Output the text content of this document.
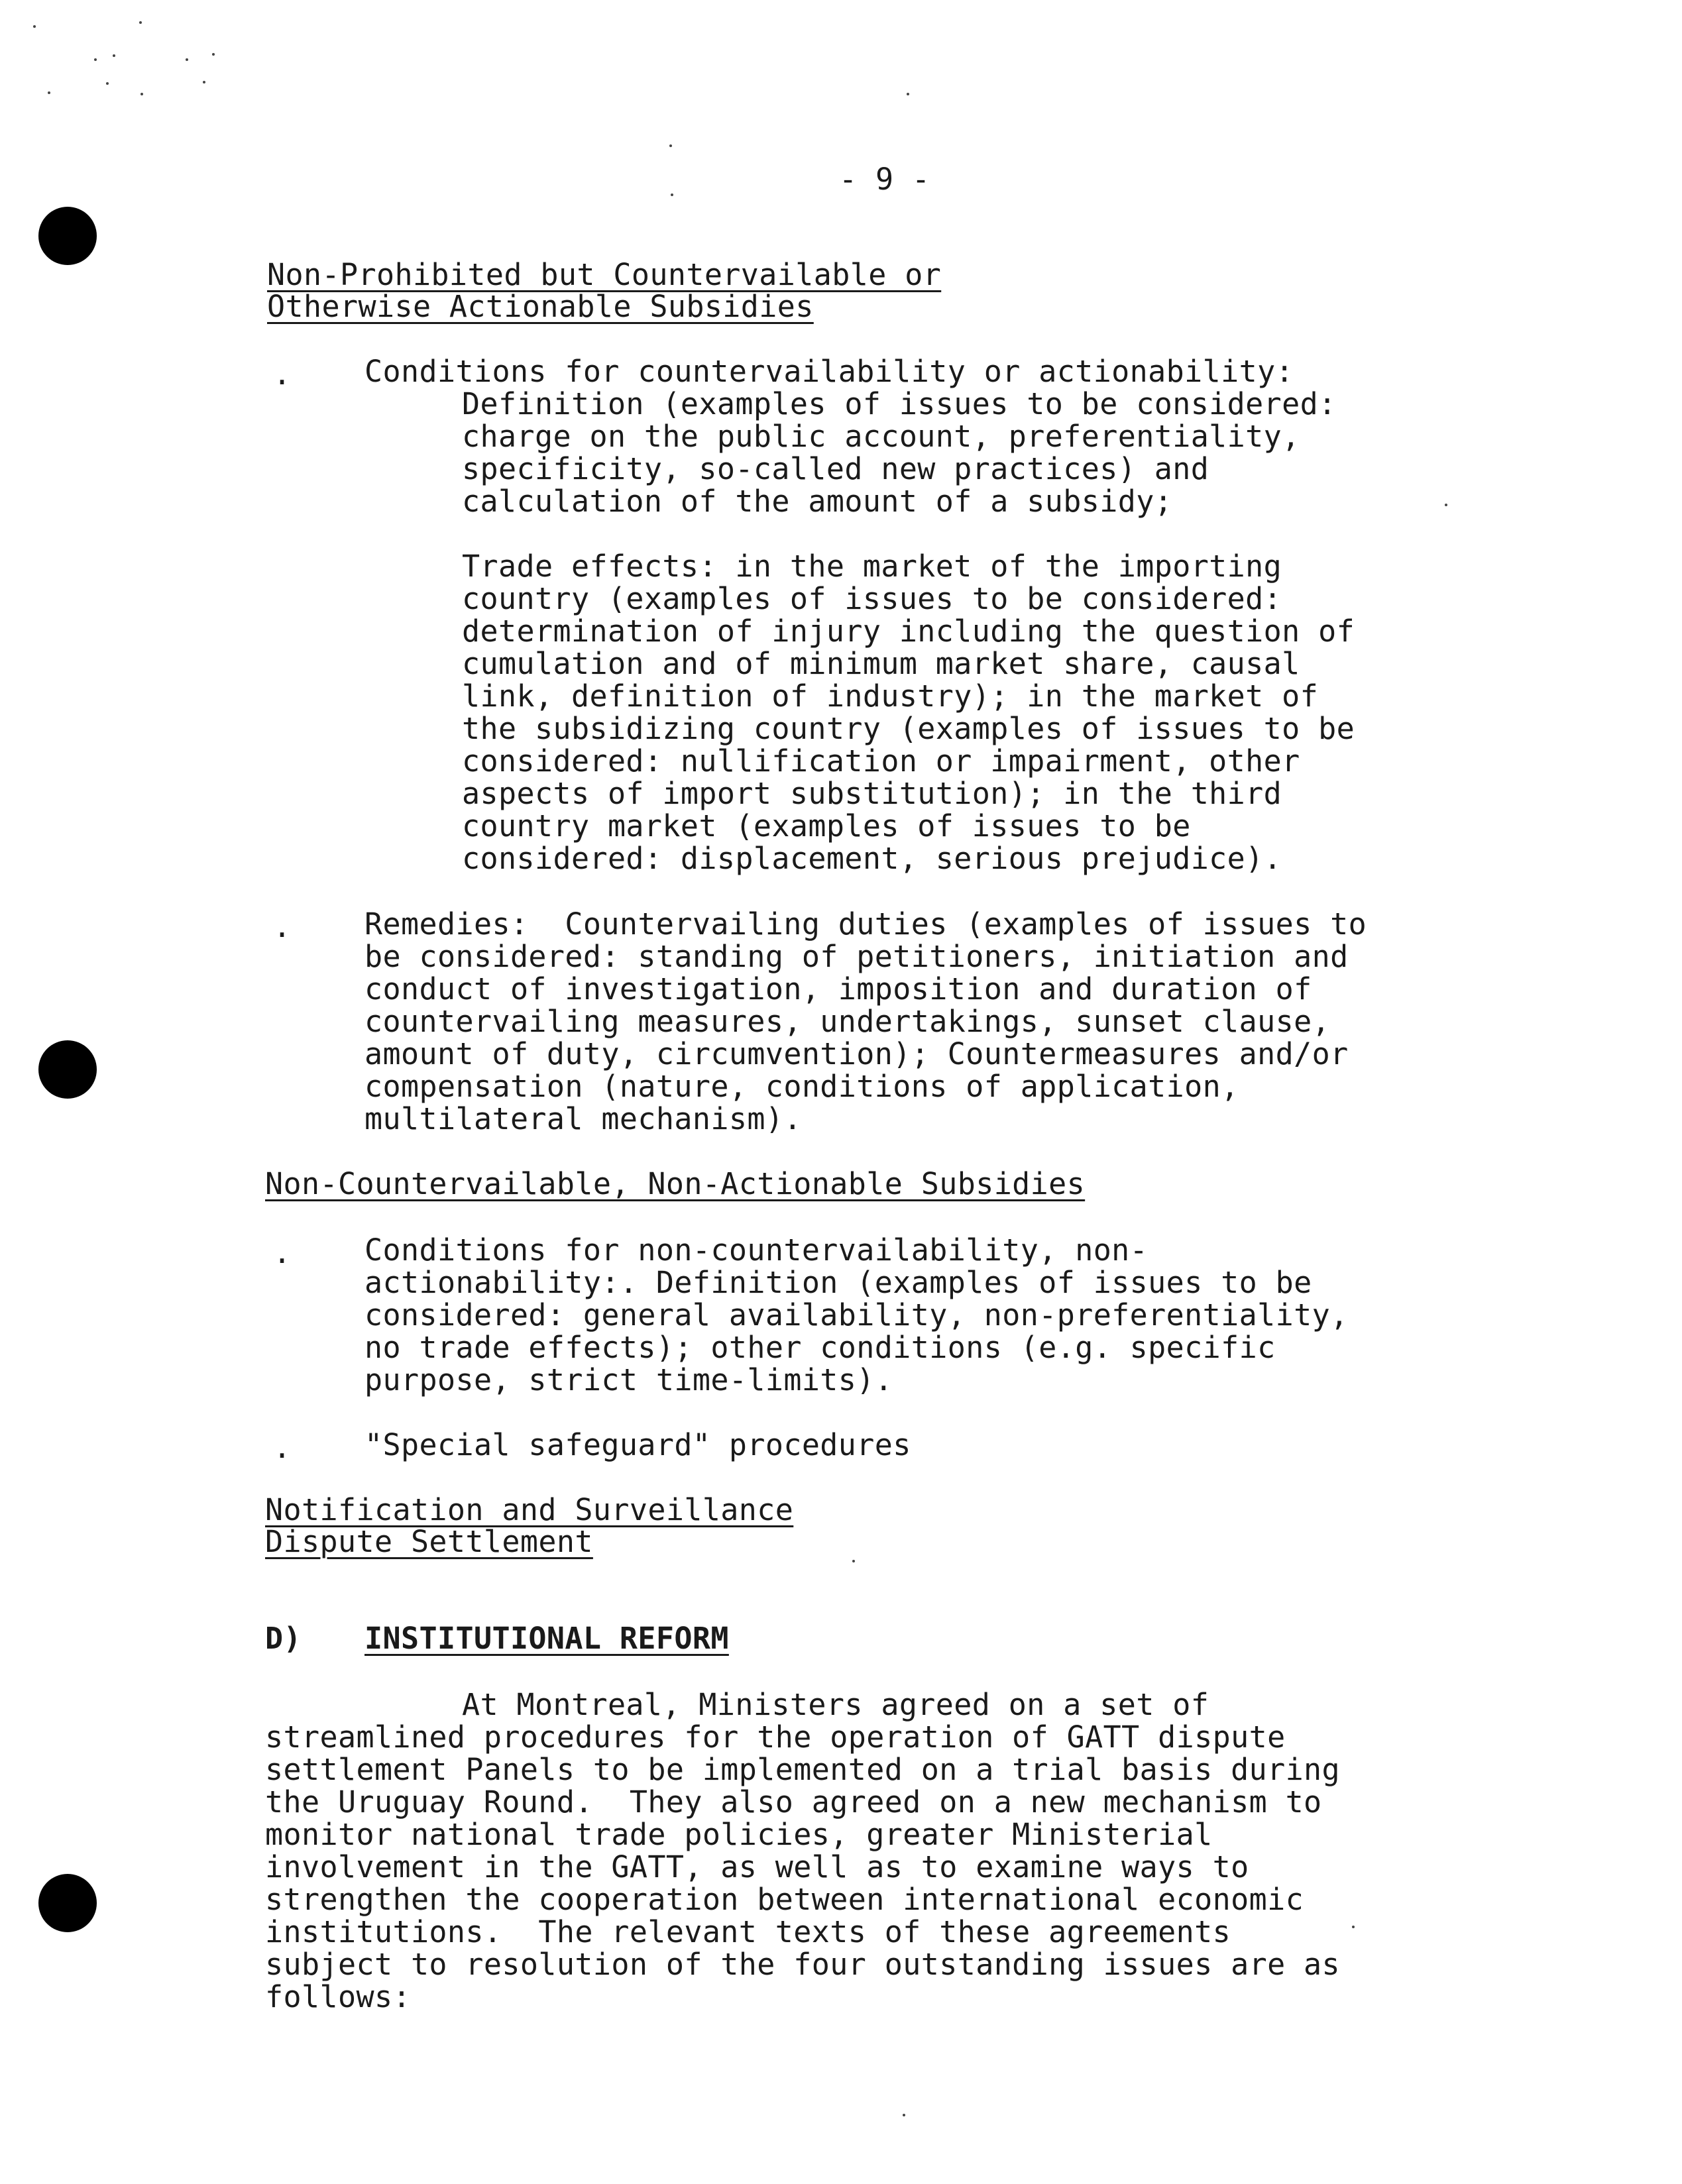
- 9 -
Non-Prohibited but Countervailable or
Otherwise Actionable Subsidies
. Conditions for countervailability or actionability:
Definition (examples of issues to be considered:
charge on the public account, preferentiality,
specificity, so-called new practices) and
calculation of the amount of a subsidy;
Trade effects: in the market of the importing
country (examples of issues to be considered:
determination of injury including the question of
cumulation and of minimum market share, causal
link, definition of industry); in the market of
the subsidizing country (examples of issues to be
considered: nullification or impairment, other
aspects of import substitution); in the third
country market (examples of issues to be
considered: displacement, serious prejudice).
. Remedies:  Countervailing duties (examples of issues to
be considered: standing of petitioners, initiation and
conduct of investigation, imposition and duration of
countervailing measures, undertakings, sunset clause,
amount of duty, circumvention); Countermeasures and/or
compensation (nature, conditions of application,
multilateral mechanism).
Non-Countervailable, Non-Actionable Subsidies
. Conditions for non-countervailability, non-
actionability:. Definition (examples of issues to be
considered: general availability, non-preferentiality,
no trade effects); other conditions (e.g. specific
purpose, strict time-limits).
. "Special safeguard" procedures
Notification and Surveillance
Dispute Settlement
D) INSTITUTIONAL REFORM
At Montreal, Ministers agreed on a set of
streamlined procedures for the operation of GATT dispute
settlement Panels to be implemented on a trial basis during
the Uruguay Round.  They also agreed on a new mechanism to
monitor national trade policies, greater Ministerial
involvement in the GATT, as well as to examine ways to
strengthen the cooperation between international economic
institutions.  The relevant texts of these agreements
subject to resolution of the four outstanding issues are as
follows:
